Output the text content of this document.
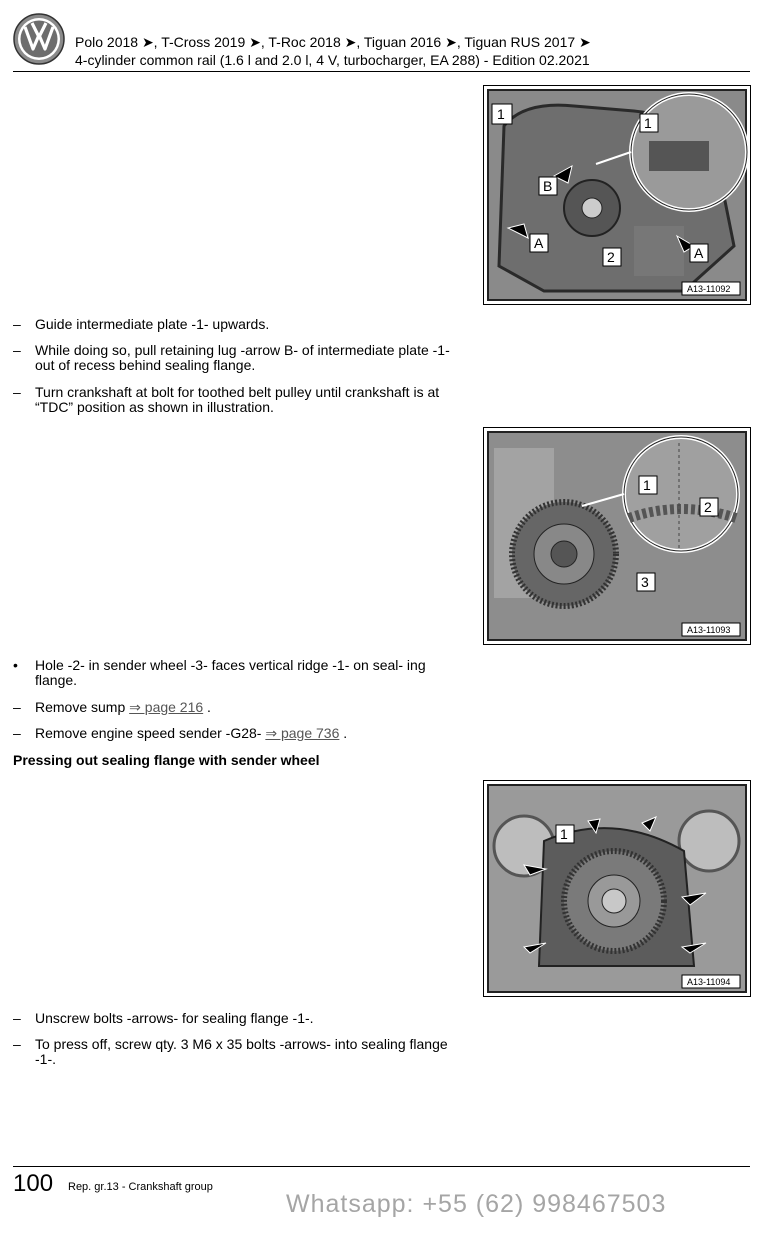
Polo 2018 ➤, T-Cross 2019 ➤, T-Roc 2018 ➤, Tiguan 2016 ➤, Tiguan RUS 2017 ➤
4-cylinder common rail (1.6 l and 2.0 l, 4 V, turbocharger, EA 288) - Edition 02.2021
1
1
B
A
A
2
A13-11092
–	Guide intermediate plate -1- upwards.
–	While doing so, pull retaining lug -arrow B- of intermediate plate -1- out of recess behind sealing flange.
–	Turn crankshaft at bolt for toothed belt pulley until crankshaft is at “TDC” position as shown in illustration.
1
2
3
A13-11093
•	Hole -2- in sender wheel -3- faces vertical ridge -1- on seal- ing flange.
–	Remove sump ⇒ page 216 .
–	Remove engine speed sender -G28- ⇒ page 736 .
Pressing out sealing flange with sender wheel
1
A13-11094
–	Unscrew bolts -arrows- for sealing flange -1-.
–	To press off, screw qty. 3 M6 x 35 bolts -arrows- into sealing flange -1-.
100 Rep. gr.13 - Crankshaft group
Whatsapp: +55 (62) 998467503
